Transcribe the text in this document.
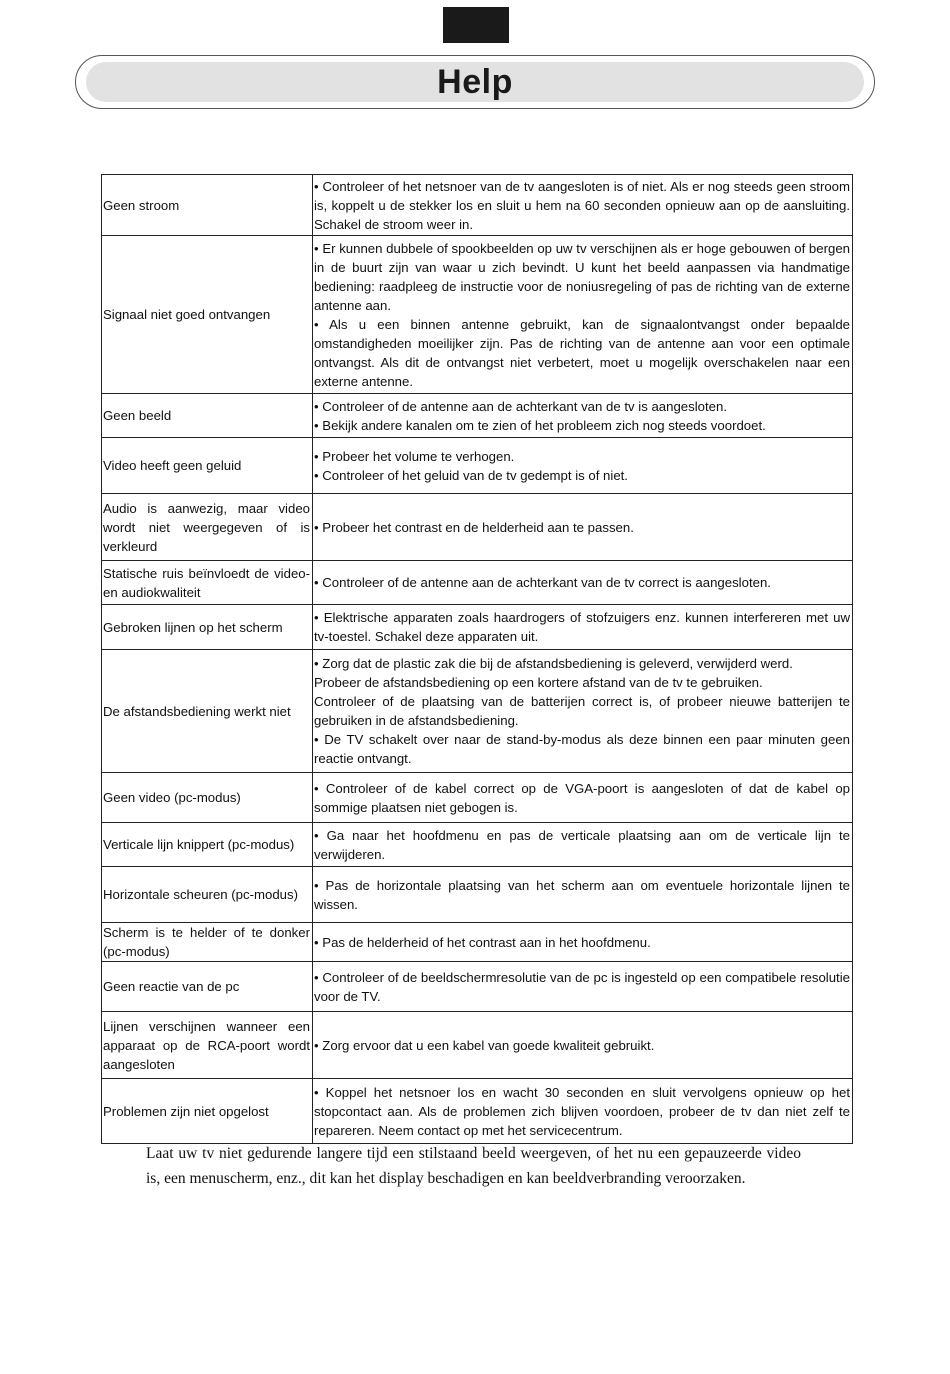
Help
Geen stroom	• Controleer of het netsnoer van de tv aangesloten is of niet. Als er nog steeds geen stroom is, koppelt u de stekker los en sluit u hem na 60 seconden opnieuw aan op de aansluiting. Schakel de stroom weer in.

Signaal niet goed ontvangen	• Er kunnen dubbele of spookbeelden op uw tv verschijnen als er hoge gebouwen of bergen in de buurt zijn van waar u zich bevindt. U kunt het beeld aanpassen via handmatige bediening: raadpleeg de instructie voor de noniusregeling of pas de richting van de externe antenne aan.
• Als u een binnen antenne gebruikt, kan de signaalontvangst onder bepaalde omstandigheden moeilijker zijn. Pas de richting van de antenne aan voor een optimale ontvangst. Als dit de ontvangst niet verbetert, moet u mogelijk overschakelen naar een externe antenne.

Geen beeld	• Controleer of de antenne aan de achterkant van de tv is aangesloten.
• Bekijk andere kanalen om te zien of het probleem zich nog steeds voordoet.

Video heeft geen geluid	• Probeer het volume te verhogen.
• Controleer of het geluid van de tv gedempt is of niet.

Audio is aanwezig, maar video wordt niet weergegeven of is verkleurd	• Probeer het contrast en de helderheid aan te passen.

Statische ruis beïnvloedt de video- en audiokwaliteit	• Controleer of de antenne aan de achterkant van de tv correct is aangesloten.

Gebroken lijnen op het scherm	• Elektrische apparaten zoals haardrogers of stofzuigers enz. kunnen interfereren met uw tv-toestel. Schakel deze apparaten uit.

De afstandsbediening werkt niet	• Zorg dat de plastic zak die bij de afstandsbediening is geleverd, verwijderd werd.
Probeer de afstandsbediening op een kortere afstand van de tv te gebruiken.
Controleer of de plaatsing van de batterijen correct is, of probeer nieuwe batterijen te gebruiken in de afstandsbediening.
• De TV schakelt over naar de stand-by-modus als deze binnen een paar minuten geen reactie ontvangt.

Geen video (pc-modus)	• Controleer of de kabel correct op de VGA-poort is aangesloten of dat de kabel op sommige plaatsen niet gebogen is.

Verticale lijn knippert (pc-modus)	• Ga naar het hoofdmenu en pas de verticale plaatsing aan om de verticale lijn te verwijderen.

Horizontale scheuren (pc-modus)	• Pas de horizontale plaatsing van het scherm aan om eventuele horizontale lijnen te wissen.

Scherm is te helder of te donker (pc-modus)	• Pas de helderheid of het contrast aan in het hoofdmenu.

Geen reactie van de pc	• Controleer of de beeldschermresolutie van de pc is ingesteld op een compatibele resolutie voor de TV.

Lijnen verschijnen wanneer een apparaat op de RCA-poort wordt aangesloten	• Zorg ervoor dat u een kabel van goede kwaliteit gebruikt.

Problemen zijn niet opgelost	• Koppel het netsnoer los en wacht 30 seconden en sluit vervolgens opnieuw op het stopcontact aan. Als de problemen zich blijven voordoen, probeer de tv dan niet zelf te repareren. Neem contact op met het servicecentrum.
Laat uw tv niet gedurende langere tijd een stilstaand beeld weergeven, of het nu een gepauzeerde video is, een menuscherm, enz., dit kan het display beschadigen en kan beeldverbranding veroorzaken.
